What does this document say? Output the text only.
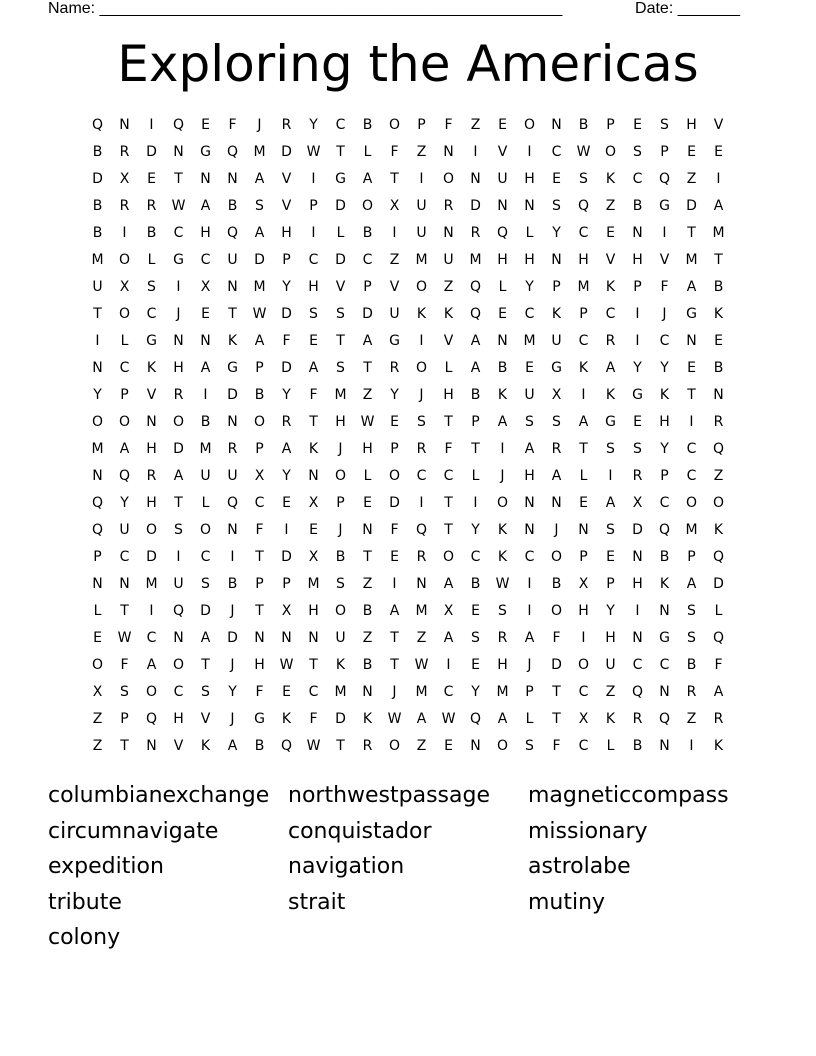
Name: ____________________________________________________	Date: _______
Exploring the Americas
Q	N	I	Q	E	F	J	R	Y	C	B	O	P	F	Z	E	O	N	B	P	E	S	H	V
B	R	D	N	G	Q	M	D	W	T	L	F	Z	N	I	V	I	C	W	O	S	P	E	E
D	X	E	T	N	N	A	V	I	G	A	T	I	O	N	U	H	E	S	K	C	Q	Z	I
B	R	R	W	A	B	S	V	P	D	O	X	U	R	D	N	N	S	Q	Z	B	G	D	A
B	I	B	C	H	Q	A	H	I	L	B	I	U	N	R	Q	L	Y	C	E	N	I	T	M
M	O	L	G	C	U	D	P	C	D	C	Z	M	U	M	H	H	N	H	V	H	V	M	T
U	X	S	I	X	N	M	Y	H	V	P	V	O	Z	Q	L	Y	P	M	K	P	F	A	B
T	O	C	J	E	T	W	D	S	S	D	U	K	K	Q	E	C	K	P	C	I	J	G	K
I	L	G	N	N	K	A	F	E	T	A	G	I	V	A	N	M	U	C	R	I	C	N	E
N	C	K	H	A	G	P	D	A	S	T	R	O	L	A	B	E	G	K	A	Y	Y	E	B
Y	P	V	R	I	D	B	Y	F	M	Z	Y	J	H	B	K	U	X	I	K	G	K	T	N
O	O	N	O	B	N	O	R	T	H	W	E	S	T	P	A	S	S	A	G	E	H	I	R
M	A	H	D	M	R	P	A	K	J	H	P	R	F	T	I	A	R	T	S	S	Y	C	Q
N	Q	R	A	U	U	X	Y	N	O	L	O	C	C	L	J	H	A	L	I	R	P	C	Z
Q	Y	H	T	L	Q	C	E	X	P	E	D	I	T	I	O	N	N	E	A	X	C	O	O
Q	U	O	S	O	N	F	I	E	J	N	F	Q	T	Y	K	N	J	N	S	D	Q	M	K
P	C	D	I	C	I	T	D	X	B	T	E	R	O	C	K	C	O	P	E	N	B	P	Q
N	N	M	U	S	B	P	P	M	S	Z	I	N	A	B	W	I	B	X	P	H	K	A	D
L	T	I	Q	D	J	T	X	H	O	B	A	M	X	E	S	I	O	H	Y	I	N	S	L
E	W	C	N	A	D	N	N	N	U	Z	T	Z	A	S	R	A	F	I	H	N	G	S	Q
O	F	A	O	T	J	H	W	T	K	B	T	W	I	E	H	J	D	O	U	C	C	B	F
X	S	O	C	S	Y	F	E	C	M	N	J	M	C	Y	M	P	T	C	Z	Q	N	R	A
Z	P	Q	H	V	J	G	K	F	D	K	W	A	W	Q	A	L	T	X	K	R	Q	Z	R
Z	T	N	V	K	A	B	Q	W	T	R	O	Z	E	N	O	S	F	C	L	B	N	I	K
columbianexchange
circumnavigate
expedition
tribute
colony
northwestpassage
conquistador
navigation
strait
magneticcompass
missionary
astrolabe
mutiny
